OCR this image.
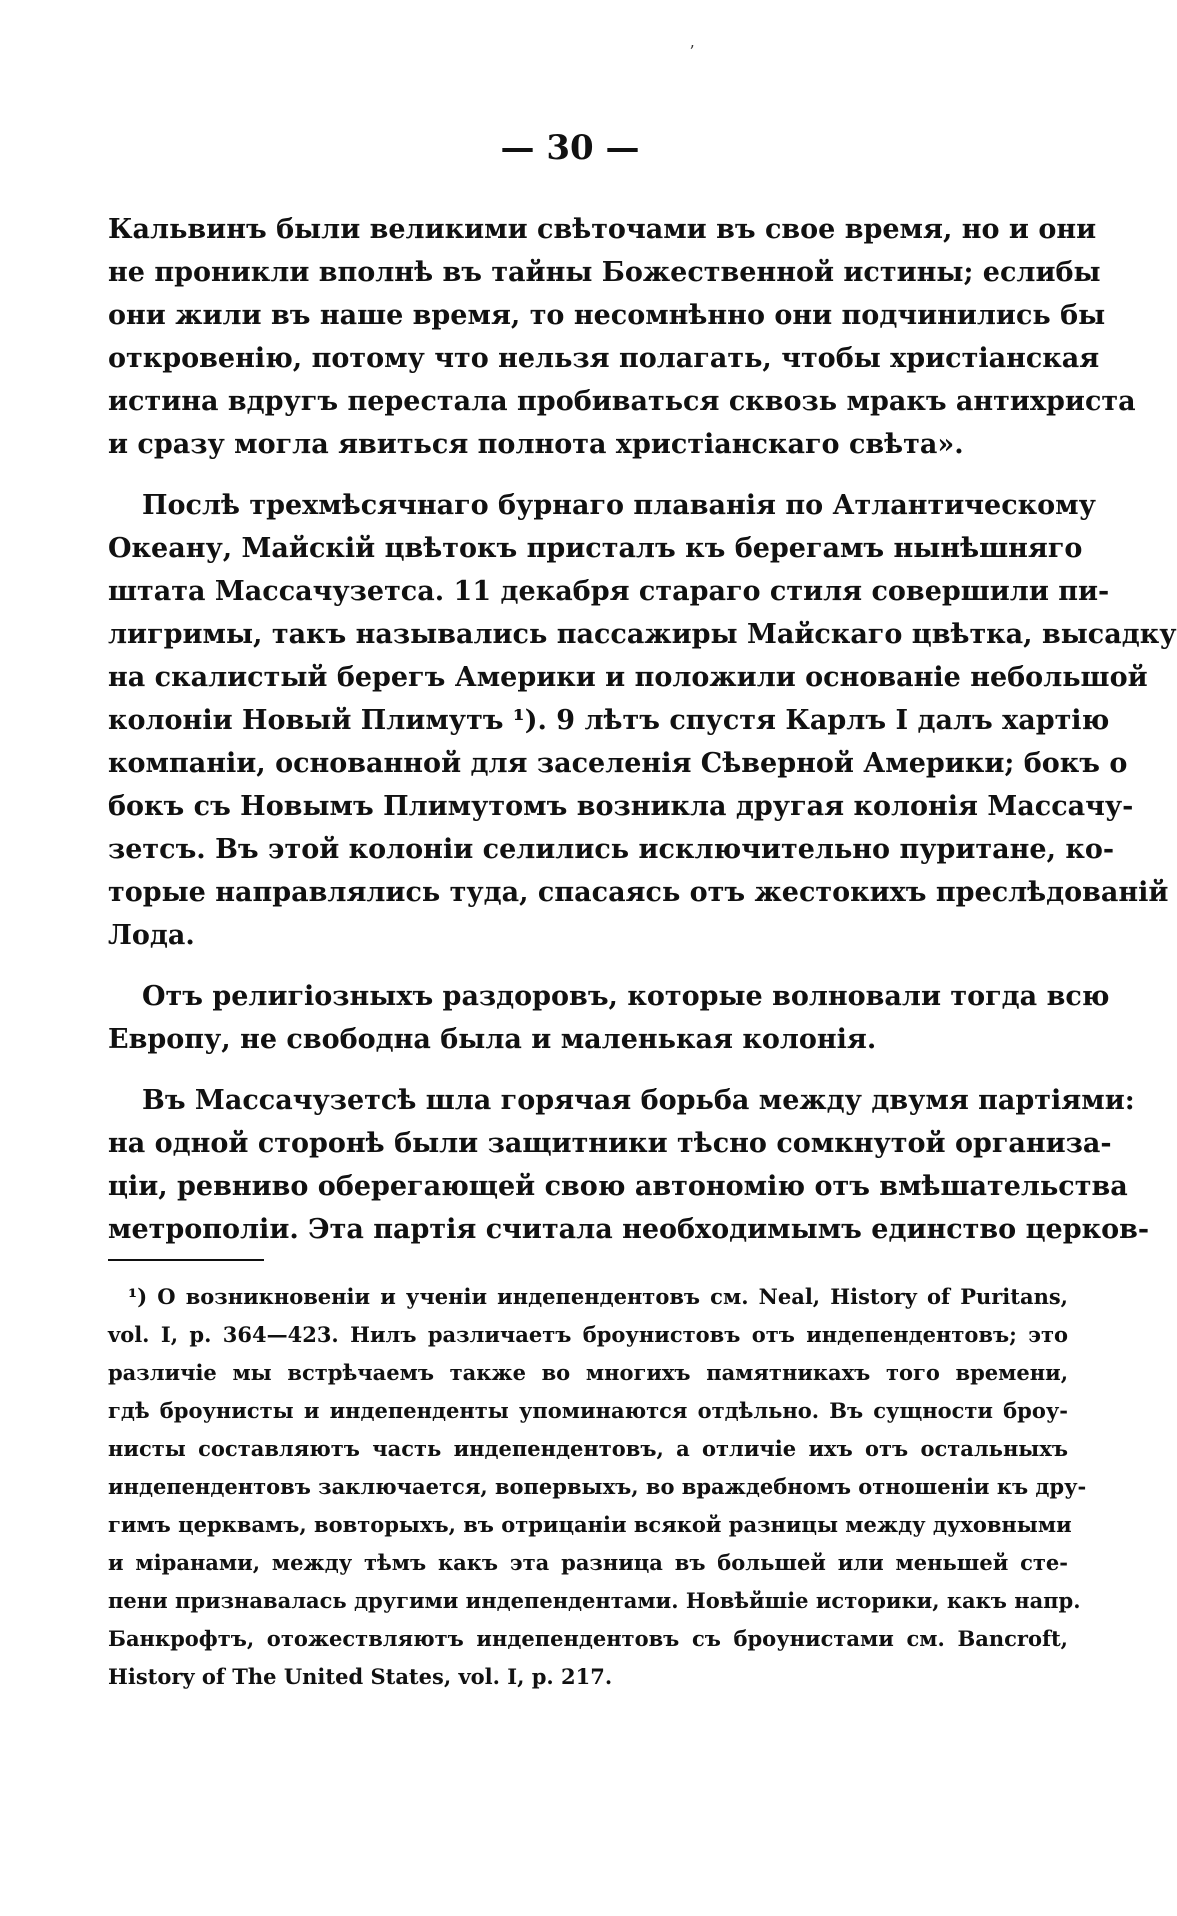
— 30 —
ʼ
Кальвинъ были великими свѣточами въ свое время, но и они
не проникли вполнѣ въ тайны Божественной истины; еслибы
они жили въ наше время, то несомнѣнно они подчинились бы
откровенію, потому что нельзя полагать, чтобы христіанская
истина вдругъ перестала пробиваться сквозь мракъ антихриста
и сразу могла явиться полнота христіанскаго свѣта».
Послѣ трехмѣсячнаго бурнаго плаванія по Атлантическому
Океану, Майскій цвѣтокъ присталъ къ берегамъ нынѣшняго
штата Массачузетса. 11 декабря стараго стиля совершили пи-
лигримы, такъ назывались пассажиры Майскаго цвѣтка, высадку
на скалистый берегъ Америки и положили основаніе небольшой
колоніи Новый Плимутъ ¹). 9 лѣтъ спустя Карлъ I далъ хартію
компаніи, основанной для заселенія Сѣверной Америки; бокъ о
бокъ съ Новымъ Плимутомъ возникла другая колонія Массачу-
зетсъ. Въ этой колоніи селились исключительно пуритане, ко-
торые направлялись туда, спасаясь отъ жестокихъ преслѣдованій
Лода.
Отъ религіозныхъ раздоровъ, которые волновали тогда всю
Европу, не свободна была и маленькая колонія.
Въ Массачузетсѣ шла горячая борьба между двумя партіями:
на одной сторонѣ были защитники тѣсно сомкнутой организа-
ціи, ревниво оберегающей свою автономію отъ вмѣшательства
метрополіи. Эта партія считала необходимымъ единство церков-
¹) О возникновеніи и ученіи индепендентовъ см. Neal, History of Puritans,
vol. I, p. 364—423. Нилъ различаетъ броунистовъ отъ индепендентовъ; это
различіе мы встрѣчаемъ также во многихъ памятникахъ того времени,
гдѣ броунисты и индепенденты упоминаются отдѣльно. Въ сущности броу-
нисты составляютъ часть индепендентовъ, а отличіе ихъ отъ остальныхъ
индепендентовъ заключается, вопервыхъ, во враждебномъ отношеніи къ дру-
гимъ церквамъ, вовторыхъ, въ отрицаніи всякой разницы между духовными
и міранами, между тѣмъ какъ эта разница въ большей или меньшей сте-
пени признавалась другими индепендентами. Новѣйшіе историки, какъ напр.
Банкрофтъ, отожествляютъ индепендентовъ съ броунистами см. Bancroft,
History of The United States, vol. I, p. 217.
